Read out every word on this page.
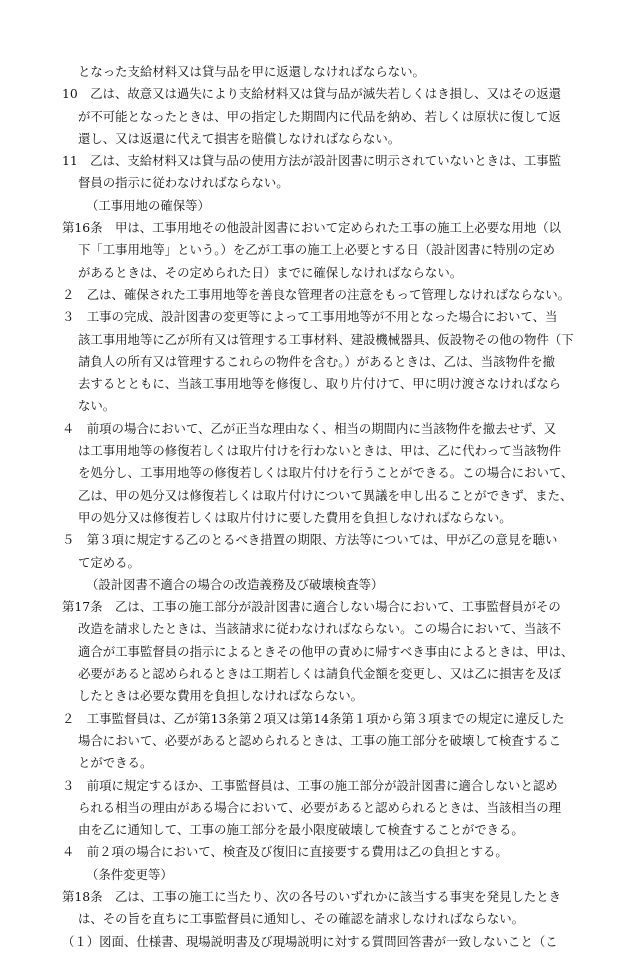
となった支給材料又は貸与品を甲に返還しなければならない。
10　乙は、故意又は過失により支給材料又は貸与品が滅失若しくはき損し、又はその返還
が不可能となったときは、甲の指定した期間内に代品を納め、若しくは原状に復して返
還し、又は返還に代えて損害を賠償しなければならない。
11　乙は、支給材料又は貸与品の使用方法が設計図書に明示されていないときは、工事監
督員の指示に従わなければならない。
（工事用地の確保等）
第16条　甲は、工事用地その他設計図書において定められた工事の施工上必要な用地（以
下「工事用地等」という。）を乙が工事の施工上必要とする日（設計図書に特別の定め
があるときは、その定められた日）までに確保しなければならない。
２　乙は、確保された工事用地等を善良な管理者の注意をもって管理しなければならない。
３　工事の完成、設計図書の変更等によって工事用地等が不用となった場合において、当
該工事用地等に乙が所有又は管理する工事材料、建設機械器具、仮設物その他の物件（下
請負人の所有又は管理するこれらの物件を含む。）があるときは、乙は、当該物件を撤
去するとともに、当該工事用地等を修復し、取り片付けて、甲に明け渡さなければなら
ない。
４　前項の場合において、乙が正当な理由なく、相当の期間内に当該物件を撤去せず、又
は工事用地等の修復若しくは取片付けを行わないときは、甲は、乙に代わって当該物件
を処分し、工事用地等の修復若しくは取片付けを行うことができる。この場合において、
乙は、甲の処分又は修復若しくは取片付けについて異議を申し出ることができず、また、
甲の処分又は修復若しくは取片付けに要した費用を負担しなければならない。
５　第３項に規定する乙のとるべき措置の期限、方法等については、甲が乙の意見を聴い
て定める。
（設計図書不適合の場合の改造義務及び破壊検査等）
第17条　乙は、工事の施工部分が設計図書に適合しない場合において、工事監督員がその
改造を請求したときは、当該請求に従わなければならない。この場合において、当該不
適合が工事監督員の指示によるときその他甲の責めに帰すべき事由によるときは、甲は、
必要があると認められるときは工期若しくは請負代金額を変更し、又は乙に損害を及ぼ
したときは必要な費用を負担しなければならない。
２　工事監督員は、乙が第13条第２項又は第14条第１項から第３項までの規定に違反した
場合において、必要があると認められるときは、工事の施工部分を破壊して検査するこ
とができる。
３　前項に規定するほか、工事監督員は、工事の施工部分が設計図書に適合しないと認め
られる相当の理由がある場合において、必要があると認められるときは、当該相当の理
由を乙に通知して、工事の施工部分を最小限度破壊して検査することができる。
４　前２項の場合において、検査及び復旧に直接要する費用は乙の負担とする。
（条件変更等）
第18条　乙は、工事の施工に当たり、次の各号のいずれかに該当する事実を発見したとき
は、その旨を直ちに工事監督員に通知し、その確認を請求しなければならない。
（１）図面、仕様書、現場説明書及び現場説明に対する質問回答書が一致しないこと（こ
